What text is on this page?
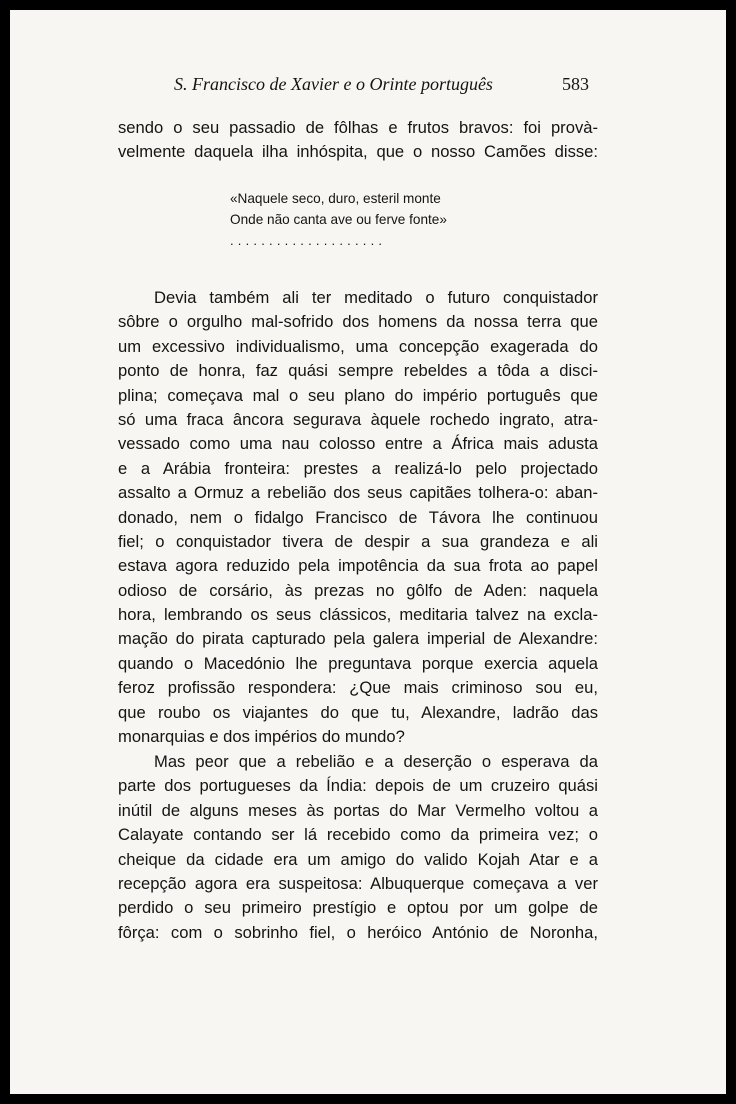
S. Francisco de Xavier e o Orinte português	583
sendo o seu passadio de fôlhas e frutos bravos: foi provà-
velmente daquela ilha inhóspita, que o nosso Camões disse:
«Naquele seco, duro, esteril monte
Onde não canta ave ou ferve fonte»
....................
Devia também ali ter meditado o futuro conquistador
sôbre o orgulho mal-sofrido dos homens da nossa terra que
um excessivo individualismo, uma concepção exagerada do
ponto de honra, faz quási sempre rebeldes a tôda a disci-
plina; começava mal o seu plano do império português que
só uma fraca âncora segurava àquele rochedo ingrato, atra-
vessado como uma nau colosso entre a África mais adusta
e a Arábia fronteira: prestes a realizá-lo pelo projectado
assalto a Ormuz a rebelião dos seus capitães tolhera-o: aban-
donado, nem o fidalgo Francisco de Távora lhe continuou
fiel; o conquistador tivera de despir a sua grandeza e ali
estava agora reduzido pela impotência da sua frota ao papel
odioso de corsário, às prezas no gôlfo de Aden: naquela
hora, lembrando os seus clássicos, meditaria talvez na excla-
mação do pirata capturado pela galera imperial de Alexandre:
quando o Macedónio lhe preguntava porque exercia aquela
feroz profissão respondera: ¿Que mais criminoso sou eu,
que roubo os viajantes do que tu, Alexandre, ladrão das
monarquias e dos impérios do mundo?
Mas peor que a rebelião e a deserção o esperava da
parte dos portugueses da Índia: depois de um cruzeiro quási
inútil de alguns meses às portas do Mar Vermelho voltou a
Calayate contando ser lá recebido como da primeira vez; o
cheique da cidade era um amigo do valido Kojah Atar e a
recepção agora era suspeitosa: Albuquerque começava a ver
perdido o seu primeiro prestígio e optou por um golpe de
fôrça: com o sobrinho fiel, o heróico António de Noronha,
